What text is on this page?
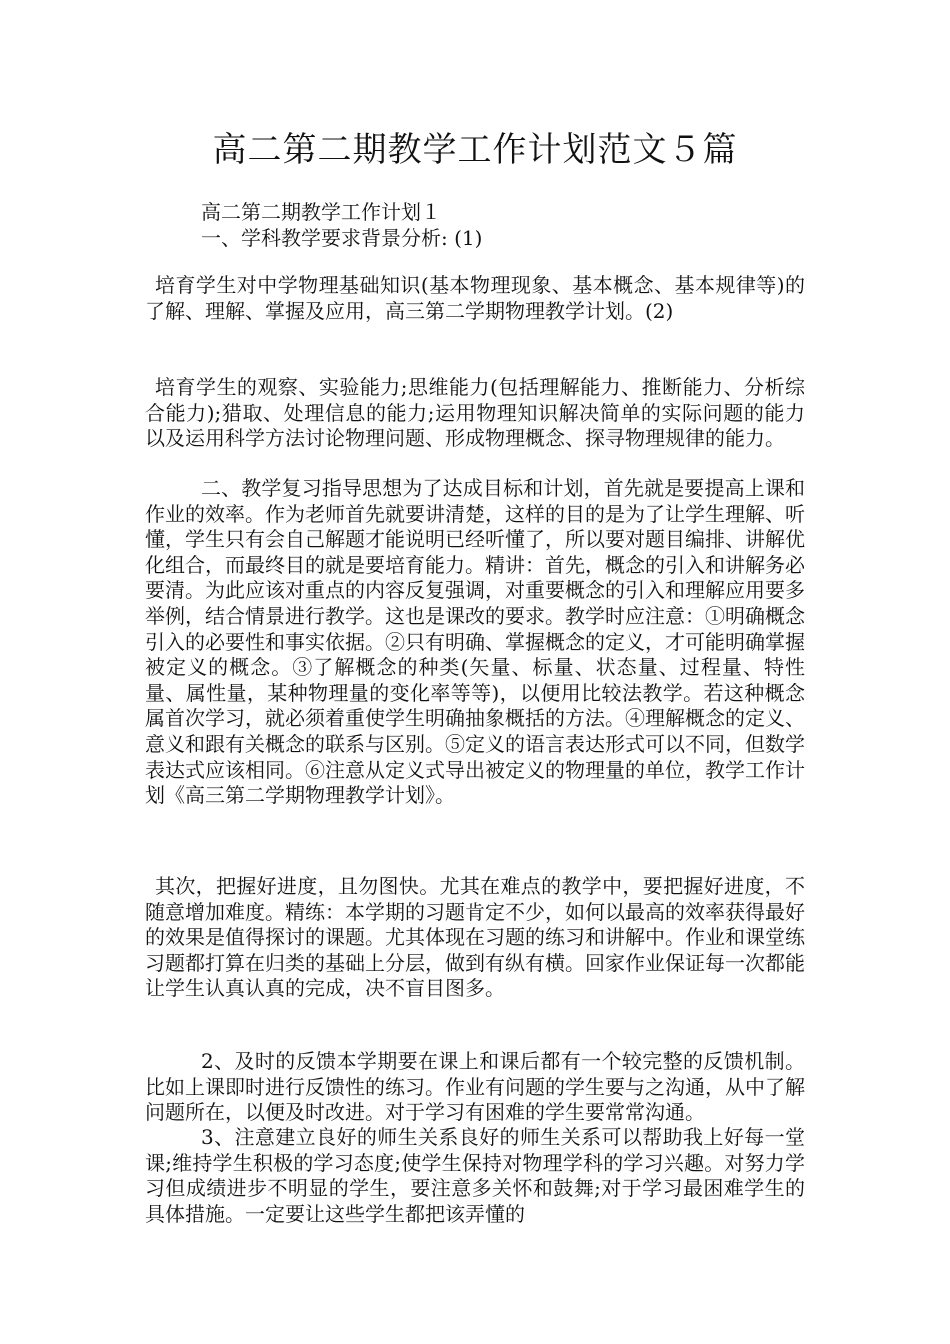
高二第二期教学工作计划范文５篇
高二第二期教学工作计划１
一、学科教学要求背景分析: (1)
培育学生对中学物理基础知识(基本物理现象、基本概念、基本规律等)的了解、理解、掌握及应用，高三第二学期物理教学计划。(2)
培育学生的观察、实验能力;思维能力(包括理解能力、推断能力、分析综合能力);猎取、处理信息的能力;运用物理知识解决简单的实际问题的能力以及运用科学方法讨论物理问题、形成物理概念、探寻物理规律的能力。
二、教学复习指导思想为了达成目标和计划，首先就是要提高上课和作业的效率。作为老师首先就要讲清楚，这样的目的是为了让学生理解、听懂，学生只有会自己解题才能说明已经听懂了，所以要对题目编排、讲解优化组合，而最终目的就是要培育能力。精讲：首先，概念的引入和讲解务必要清。为此应该对重点的内容反复强调，对重要概念的引入和理解应用要多举例，结合情景进行教学。这也是课改的要求。教学时应注意：①明确概念引入的必要性和事实依据。②只有明确、掌握概念的定义，才可能明确掌握被定义的概念。③了解概念的种类(矢量、标量、状态量、过程量、特性量、属性量，某种物理量的变化率等等)，以便用比较法教学。若这种概念属首次学习，就必须着重使学生明确抽象概括的方法。④理解概念的定义、意义和跟有关概念的联系与区别。⑤定义的语言表达形式可以不同，但数学表达式应该相同。⑥注意从定义式导出被定义的物理量的单位，教学工作计划《高三第二学期物理教学计划》。
其次，把握好进度，且勿图快。尤其在难点的教学中，要把握好进度，不随意增加难度。精练：本学期的习题肯定不少，如何以最高的效率获得最好的效果是值得探讨的课题。尤其体现在习题的练习和讲解中。作业和课堂练习题都打算在归类的基础上分层，做到有纵有横。回家作业保证每一次都能让学生认真认真的完成，决不盲目图多。
2、及时的反馈本学期要在课上和课后都有一个较完整的反馈机制。比如上课即时进行反馈性的练习。作业有问题的学生要与之沟通，从中了解问题所在，以便及时改进。对于学习有困难的学生要常常沟通。
3、注意建立良好的师生关系良好的师生关系可以帮助我上好每一堂课;维持学生积极的学习态度;使学生保持对物理学科的学习兴趣。对努力学习但成绩进步不明显的学生，要注意多关怀和鼓舞;对于学习最困难学生的具体措施。一定要让这些学生都把该弄懂的
